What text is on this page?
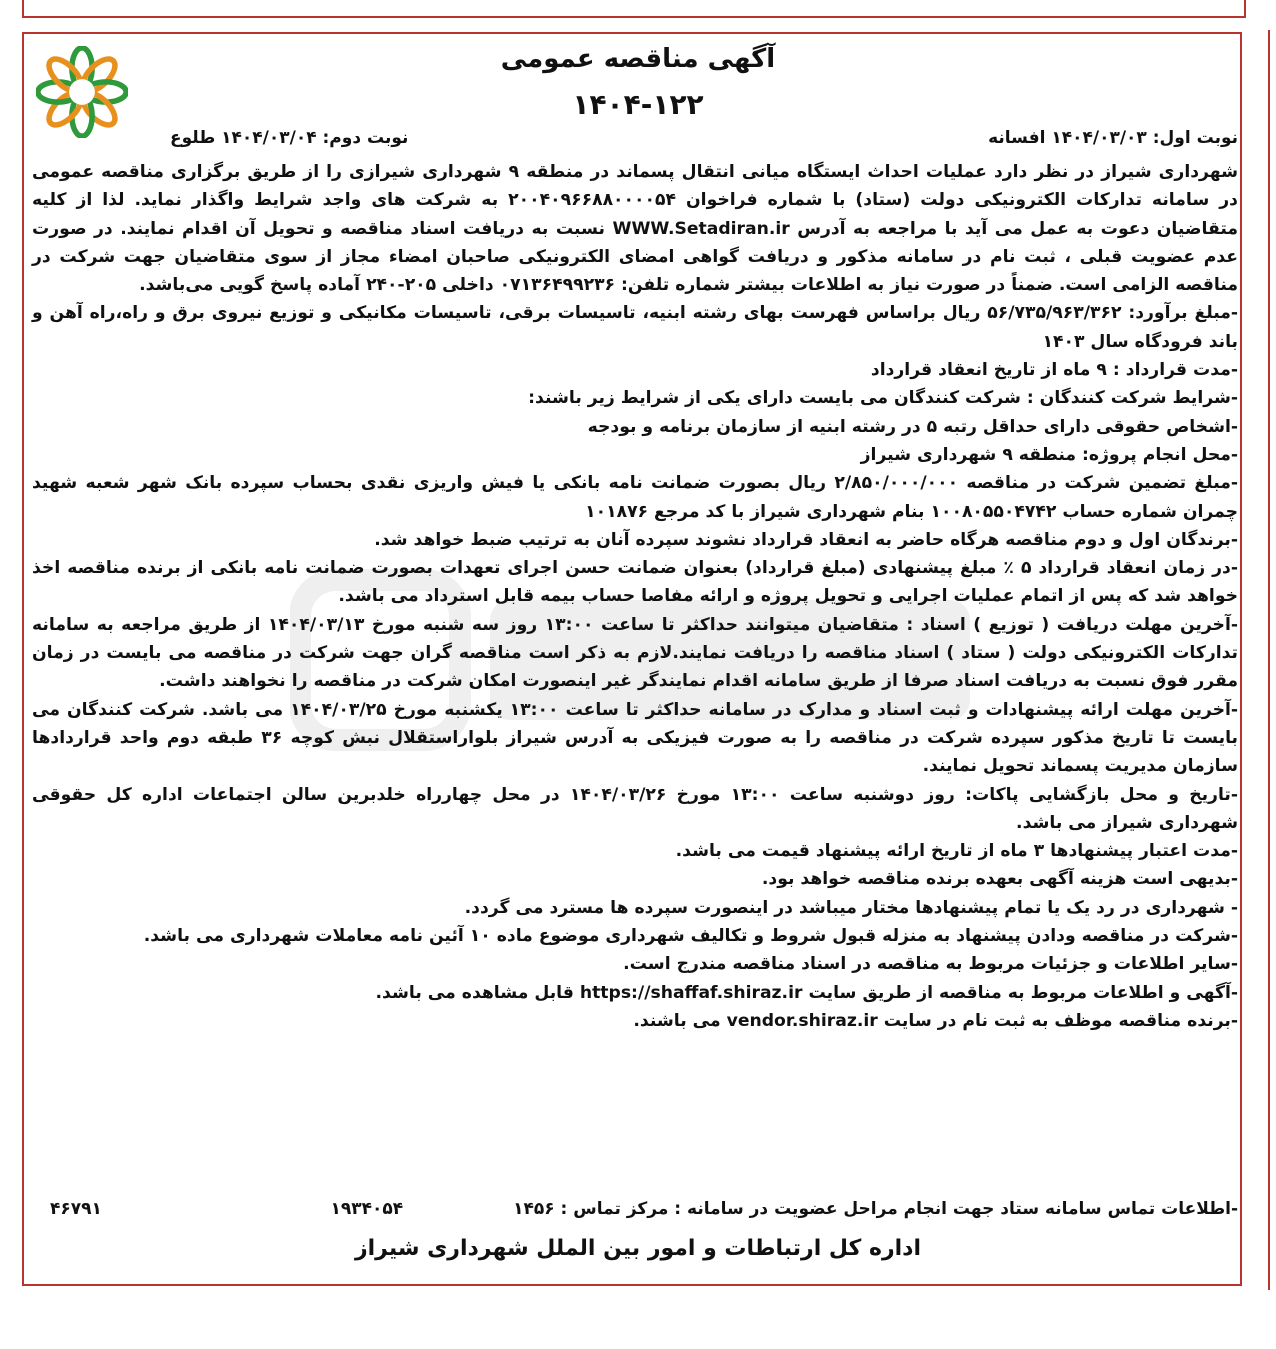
آگهی مناقصه عمومی
۱۴۰۴-۱۲۲
نوبت اول: ۱۴۰۴/۰۳/۰۳ افسانه
نوبت دوم: ۱۴۰۴/۰۳/۰۴ طلوع

شهرداری شیراز در نظر دارد عملیات احداث ایستگاه میانی انتقال پسماند در منطقه ۹ شهرداری شیرازی را از طریق برگزاری مناقصه عمومی در سامانه تدارکات الکترونیکی دولت (ستاد) با شماره فراخوان ۲۰۰۴۰۹۶۶۸۸۰۰۰۰۵۴ به شرکت های واجد شرایط واگذار نماید. لذا از کلیه متقاضیان دعوت به عمل می آید با مراجعه به آدرس WWW.Setadiran.ir نسبت به دریافت اسناد مناقصه و تحویل آن اقدام نمایند. در صورت عدم عضویت قبلی ، ثبت نام در سامانه مذکور و دریافت گواهی امضای الکترونیکی صاحبان امضاء مجاز از سوی متقاضیان جهت شرکت در مناقصه الزامی است. ضمناً در صورت نیاز به اطلاعات بیشتر شماره تلفن: ۰۷۱۳۶۴۹۹۲۳۶ داخلی ۲۰۵-۲۴۰ آماده پاسخ گویی می‌باشد.

-مبلغ برآورد: ۵۶/۷۳۵/۹۶۳/۳۶۲ ریال براساس فهرست بهای رشته ابنیه، تاسیسات برقی، تاسیسات مکانیکی و توزیع نیروی برق و راه،راه آهن و باند فرودگاه سال ۱۴۰۳

-مدت قرارداد : ۹ ماه از تاریخ انعقاد قرارداد

-شرایط شرکت کنندگان : شرکت کنندگان می بایست دارای یکی از شرایط زیر باشند:

-اشخاص حقوقی دارای حداقل رتبه ۵ در رشته ابنیه از سازمان برنامه و بودجه

-محل انجام پروژه: منطقه ۹ شهرداری شیراز

-مبلغ تضمین شرکت در مناقصه ۲/۸۵۰/۰۰۰/۰۰۰ ریال بصورت ضمانت نامه بانکی یا فیش واریزی نقدی بحساب سپرده بانک شهر شعبه شهید چمران شماره حساب ۱۰۰۸۰۵۵۰۴۷۴۲ بنام شهرداری شیراز با کد مرجع ۱۰۱۸۷۶

-برندگان اول و دوم مناقصه هرگاه حاضر به انعقاد قرارداد نشوند سپرده آنان به ترتیب ضبط خواهد شد.

-در زمان انعقاد قرارداد ۵ ٪ مبلغ پیشنهادی (مبلغ قرارداد) بعنوان ضمانت حسن اجرای تعهدات بصورت ضمانت نامه بانکی از برنده مناقصه اخذ خواهد شد که پس از اتمام عملیات اجرایی و تحویل پروژه و ارائه مفاصا حساب بیمه قابل استرداد می باشد.

-آخرین مهلت دریافت ( توزیع ) اسناد : متقاضیان میتوانند حداکثر تا ساعت ۱۳:۰۰ روز سه شنبه مورخ ۱۴۰۴/۰۳/۱۳ از طریق مراجعه به سامانه تدارکات الکترونیکی دولت ( ستاد ) اسناد مناقصه را دریافت نمایند.لازم به ذکر است مناقصه گران جهت شرکت در مناقصه می بایست در زمان مقرر فوق نسبت به دریافت اسناد صرفا از طریق سامانه اقدام نمایندگر غیر اینصورت امکان شرکت در مناقصه را نخواهند داشت.

-آخرین مهلت ارائه پیشنهادات و ثبت اسناد و مدارک در سامانه حداکثر تا ساعت ۱۳:۰۰ یکشنبه مورخ ۱۴۰۴/۰۳/۲۵ می باشد. شرکت کنندگان می بایست تا تاریخ مذکور سپرده شرکت در مناقصه را به صورت فیزیکی به آدرس شیراز بلواراستقلال نبش کوچه ۳۶ طبقه دوم واحد قراردادها سازمان مدیریت پسماند تحویل نمایند.

-تاریخ و محل بازگشایی پاکات: روز دوشنبه ساعت ۱۳:۰۰ مورخ ۱۴۰۴/۰۳/۲۶ در محل چهارراه خلدبرین سالن اجتماعات اداره کل حقوقی شهرداری شیراز می باشد.

-مدت اعتبار پیشنهادها ۳ ماه از تاریخ ارائه پیشنهاد قیمت می باشد.

-بدیهی است هزینه آگهی بعهده برنده مناقصه خواهد بود.

- شهرداری در رد یک یا تمام پیشنهادها مختار میباشد در اینصورت سپرده ها مسترد می گردد.

-شرکت در مناقصه ودادن پیشنهاد به منزله قبول شروط و تکالیف شهرداری موضوع ماده ۱۰ آئین نامه معاملات شهرداری می باشد.

-سایر اطلاعات و جزئیات مربوط به مناقصه در اسناد مناقصه مندرج است.

-آگهی و اطلاعات مربوط به مناقصه از طریق سایت https://shaffaf.shiraz.ir قابل مشاهده می باشد.

-برنده مناقصه موظف به ثبت نام در سایت vendor.shiraz.ir می باشند.

-اطلاعات تماس سامانه ستاد جهت انجام مراحل عضویت در سامانه : مرکز تماس : ۱۴۵۶
۱۹۳۴۰۵۴
۴۶۷۹۱
اداره کل ارتباطات و امور بین الملل شهرداری شیراز
